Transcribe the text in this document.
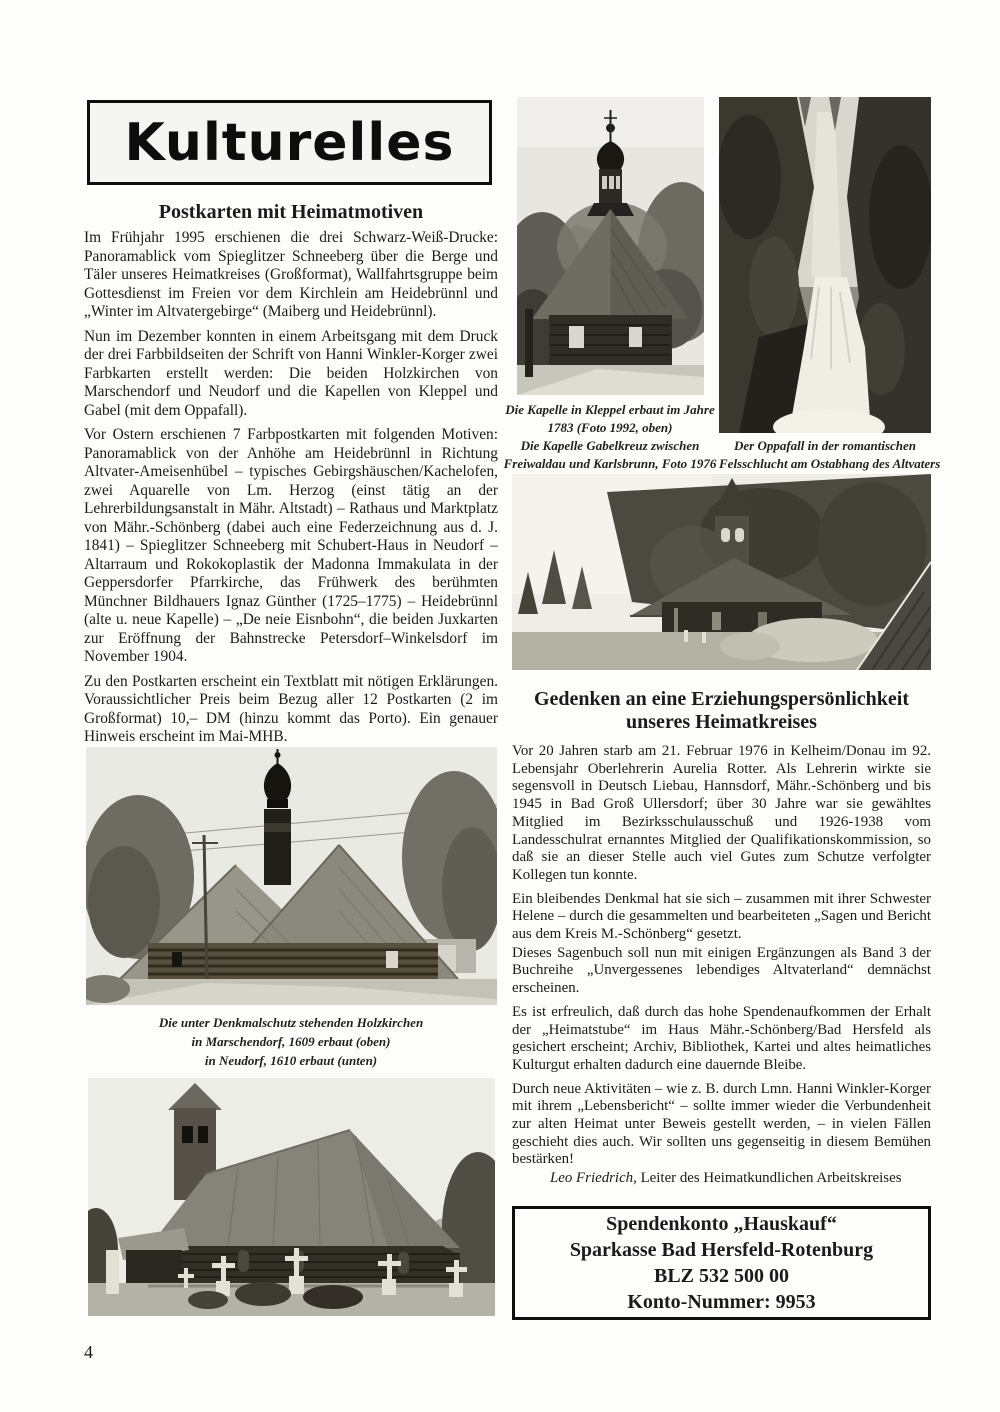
Kulturelles
Postkarten mit Heimatmotiven

Im Frühjahr 1995 erschienen die drei Schwarz-Weiß-Drucke: Panoramablick vom Spieglitzer Schneeberg über die Berge und Täler unseres Heimatkreises (Großformat), Wallfahrtsgruppe beim Gottesdienst im Freien vor dem Kirchlein am Heidebrünnl und „Winter im Altvatergebirge“ (Maiberg und Heidebrünnl).

Nun im Dezember konnten in einem Arbeitsgang mit dem Druck der drei Farbbildseiten der Schrift von Hanni Winkler-Korger zwei Farbkarten erstellt werden: Die beiden Holzkirchen von Marschendorf und Neudorf und die Kapellen von Kleppel und Gabel (mit dem Oppafall).

Vor Ostern erschienen 7 Farbpostkarten mit folgenden Motiven: Panoramablick von der Anhöhe am Heidebrünnl in Richtung Altvater-Ameisenhübel – typisches Gebirgshäuschen/Kachelofen, zwei Aquarelle von Lm. Herzog (einst tätig an der Lehrerbildungsanstalt in Mähr. Altstadt) – Rathaus und Marktplatz von Mähr.-Schönberg (dabei auch eine Federzeichnung aus d. J. 1841) – Spieglitzer Schneeberg mit Schubert-Haus in Neudorf – Altarraum und Rokokoplastik der Madonna Immakulata in der Geppersdorfer Pfarrkirche, das Frühwerk des berühmten Münchner Bildhauers Ignaz Günther (1725–1775) – Heidebrünnl (alte u. neue Kapelle) – „De neie Eisnbohn“, die beiden Juxkarten zur Eröffnung der Bahnstrecke Petersdorf–Winkelsdorf im November 1904.

Zu den Postkarten erscheint ein Textblatt mit nötigen Erklärungen. Voraussichtlicher Preis beim Bezug aller 12 Postkarten (2 im Großformat) 10,– DM (hinzu kommt das Porto). Ein genauer Hinweis erscheint im Mai-MHB.

Die Kapelle in Kleppel erbaut im Jahre
1783 (Foto 1992, oben)
Die Kapelle Gabelkreuz zwischen
Freiwaldau und Karlsbrunn, Foto 1976
Der Oppafall in der romantischen
Felsschlucht am Ostabhang des Altvaters
Gedenken an eine Erziehungspersönlichkeit
unseres Heimatkreises

Vor 20 Jahren starb am 21. Februar 1976 in Kelheim/Donau im 92. Lebensjahr Oberlehrerin Aurelia Rotter. Als Lehrerin wirkte sie segensvoll in Deutsch Liebau, Hannsdorf, Mähr.-Schönberg und bis 1945 in Bad Groß Ullersdorf; über 30 Jahre war sie gewähltes Mitglied im Bezirksschulausschuß und 1926-1938 vom Landesschulrat ernanntes Mitglied der Qualifikationskommission, so daß sie an dieser Stelle auch viel Gutes zum Schutze verfolgter Kollegen tun konnte.

Ein bleibendes Denkmal hat sie sich – zusammen mit ihrer Schwester Helene – durch die gesammelten und bearbeiteten „Sagen und Bericht aus dem Kreis M.-Schönberg“ gesetzt.

Dieses Sagenbuch soll nun mit einigen Ergänzungen als Band 3 der Buchreihe „Unvergessenes lebendiges Altvaterland“ demnächst erscheinen.

Es ist erfreulich, daß durch das hohe Spendenaufkommen der Erhalt der „Heimatstube“ im Haus Mähr.-Schönberg/Bad Hersfeld als gesichert erscheint; Archiv, Bibliothek, Kartei und altes heimatliches Kulturgut erhalten dadurch eine dauernde Bleibe.

Durch neue Aktivitäten – wie z. B. durch Lmn. Hanni Winkler-Korger mit ihrem „Lebensbericht“ – sollte immer wieder die Verbundenheit zur alten Heimat unter Beweis gestellt werden, – in vielen Fällen geschieht dies auch. Wir sollten uns gegenseitig in diesem Bemühen bestärken!

Leo Friedrich, Leiter des Heimatkundlichen Arbeitskreises

Die unter Denkmalschutz stehenden Holzkirchen
in Marschendorf, 1609 erbaut (oben)
in Neudorf, 1610 erbaut (unten)
Spendenkonto „Hauskauf“
Sparkasse Bad Hersfeld-Rotenburg
BLZ 532 500 00
Konto-Nummer: 9953
4
